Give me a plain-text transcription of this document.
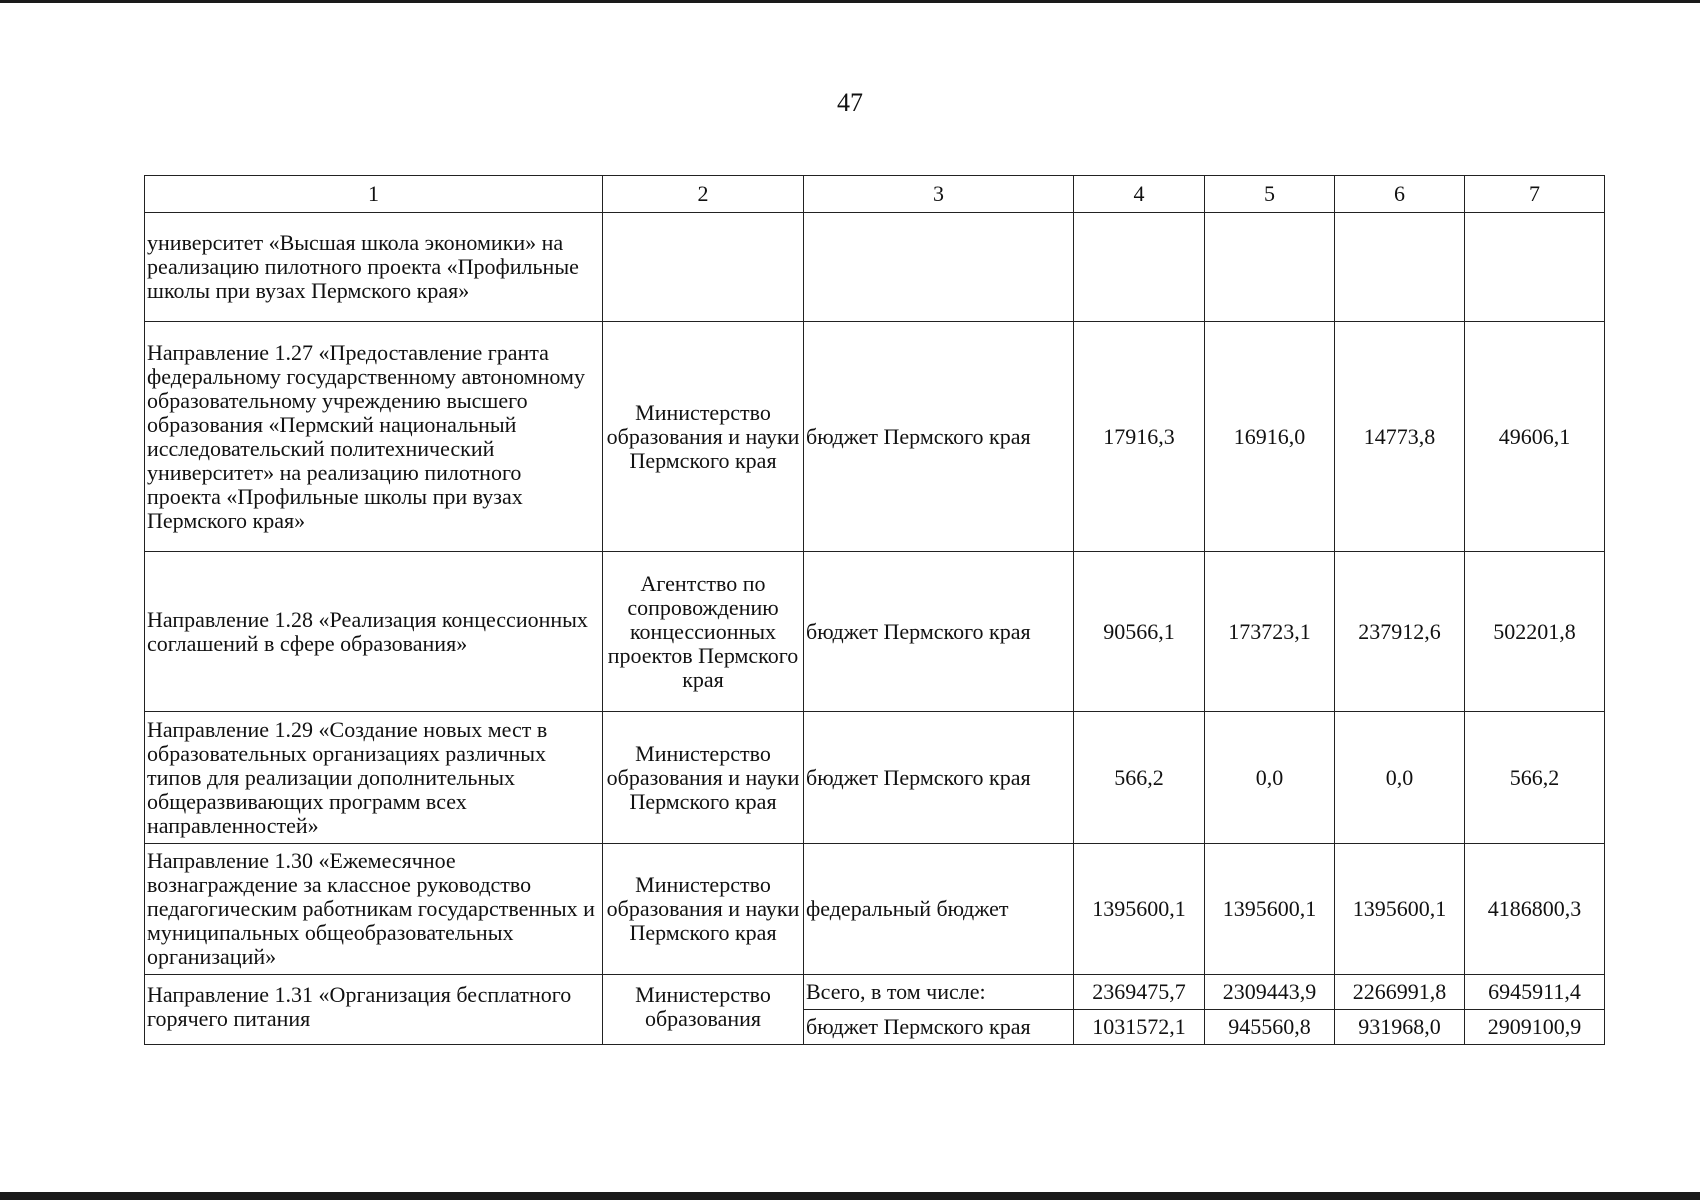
47
1	2	3	4	5	6	7
университет «Высшая школа экономики» на реализацию пилотного проекта «Профильные школы при вузах Пермского края»						
Направление 1.27 «Предоставление гранта федеральному государственному автономному образовательному учреждению высшего образования «Пермский национальный исследовательский политехнический университет» на реализацию пилотного проекта «Профильные школы при вузах Пермского края»	Министерство образования и науки Пермского края	бюджет Пермского края	17916,3	16916,0	14773,8	49606,1
Направление 1.28 «Реализация концессионных соглашений в сфере образования»	Агентство по сопровождению концессионных проектов Пермского края	бюджет Пермского края	90566,1	173723,1	237912,6	502201,8
Направление 1.29 «Создание новых мест в образовательных организациях различных типов для реализации дополнительных общеразвивающих программ всех направленностей»	Министерство образования и науки Пермского края	бюджет Пермского края	566,2	0,0	0,0	566,2
Направление 1.30 «Ежемесячное вознаграждение за классное руководство педагогическим работникам государственных и муниципальных общеобразовательных организаций»	Министерство образования и науки Пермского края	федеральный бюджет	1395600,1	1395600,1	1395600,1	4186800,3
Направление 1.31 «Организация бесплатного горячего питания	Министерство образования	Всего, в том числе:	2369475,7	2309443,9	2266991,8	6945911,4
		бюджет Пермского края	1031572,1	945560,8	931968,0	2909100,9
